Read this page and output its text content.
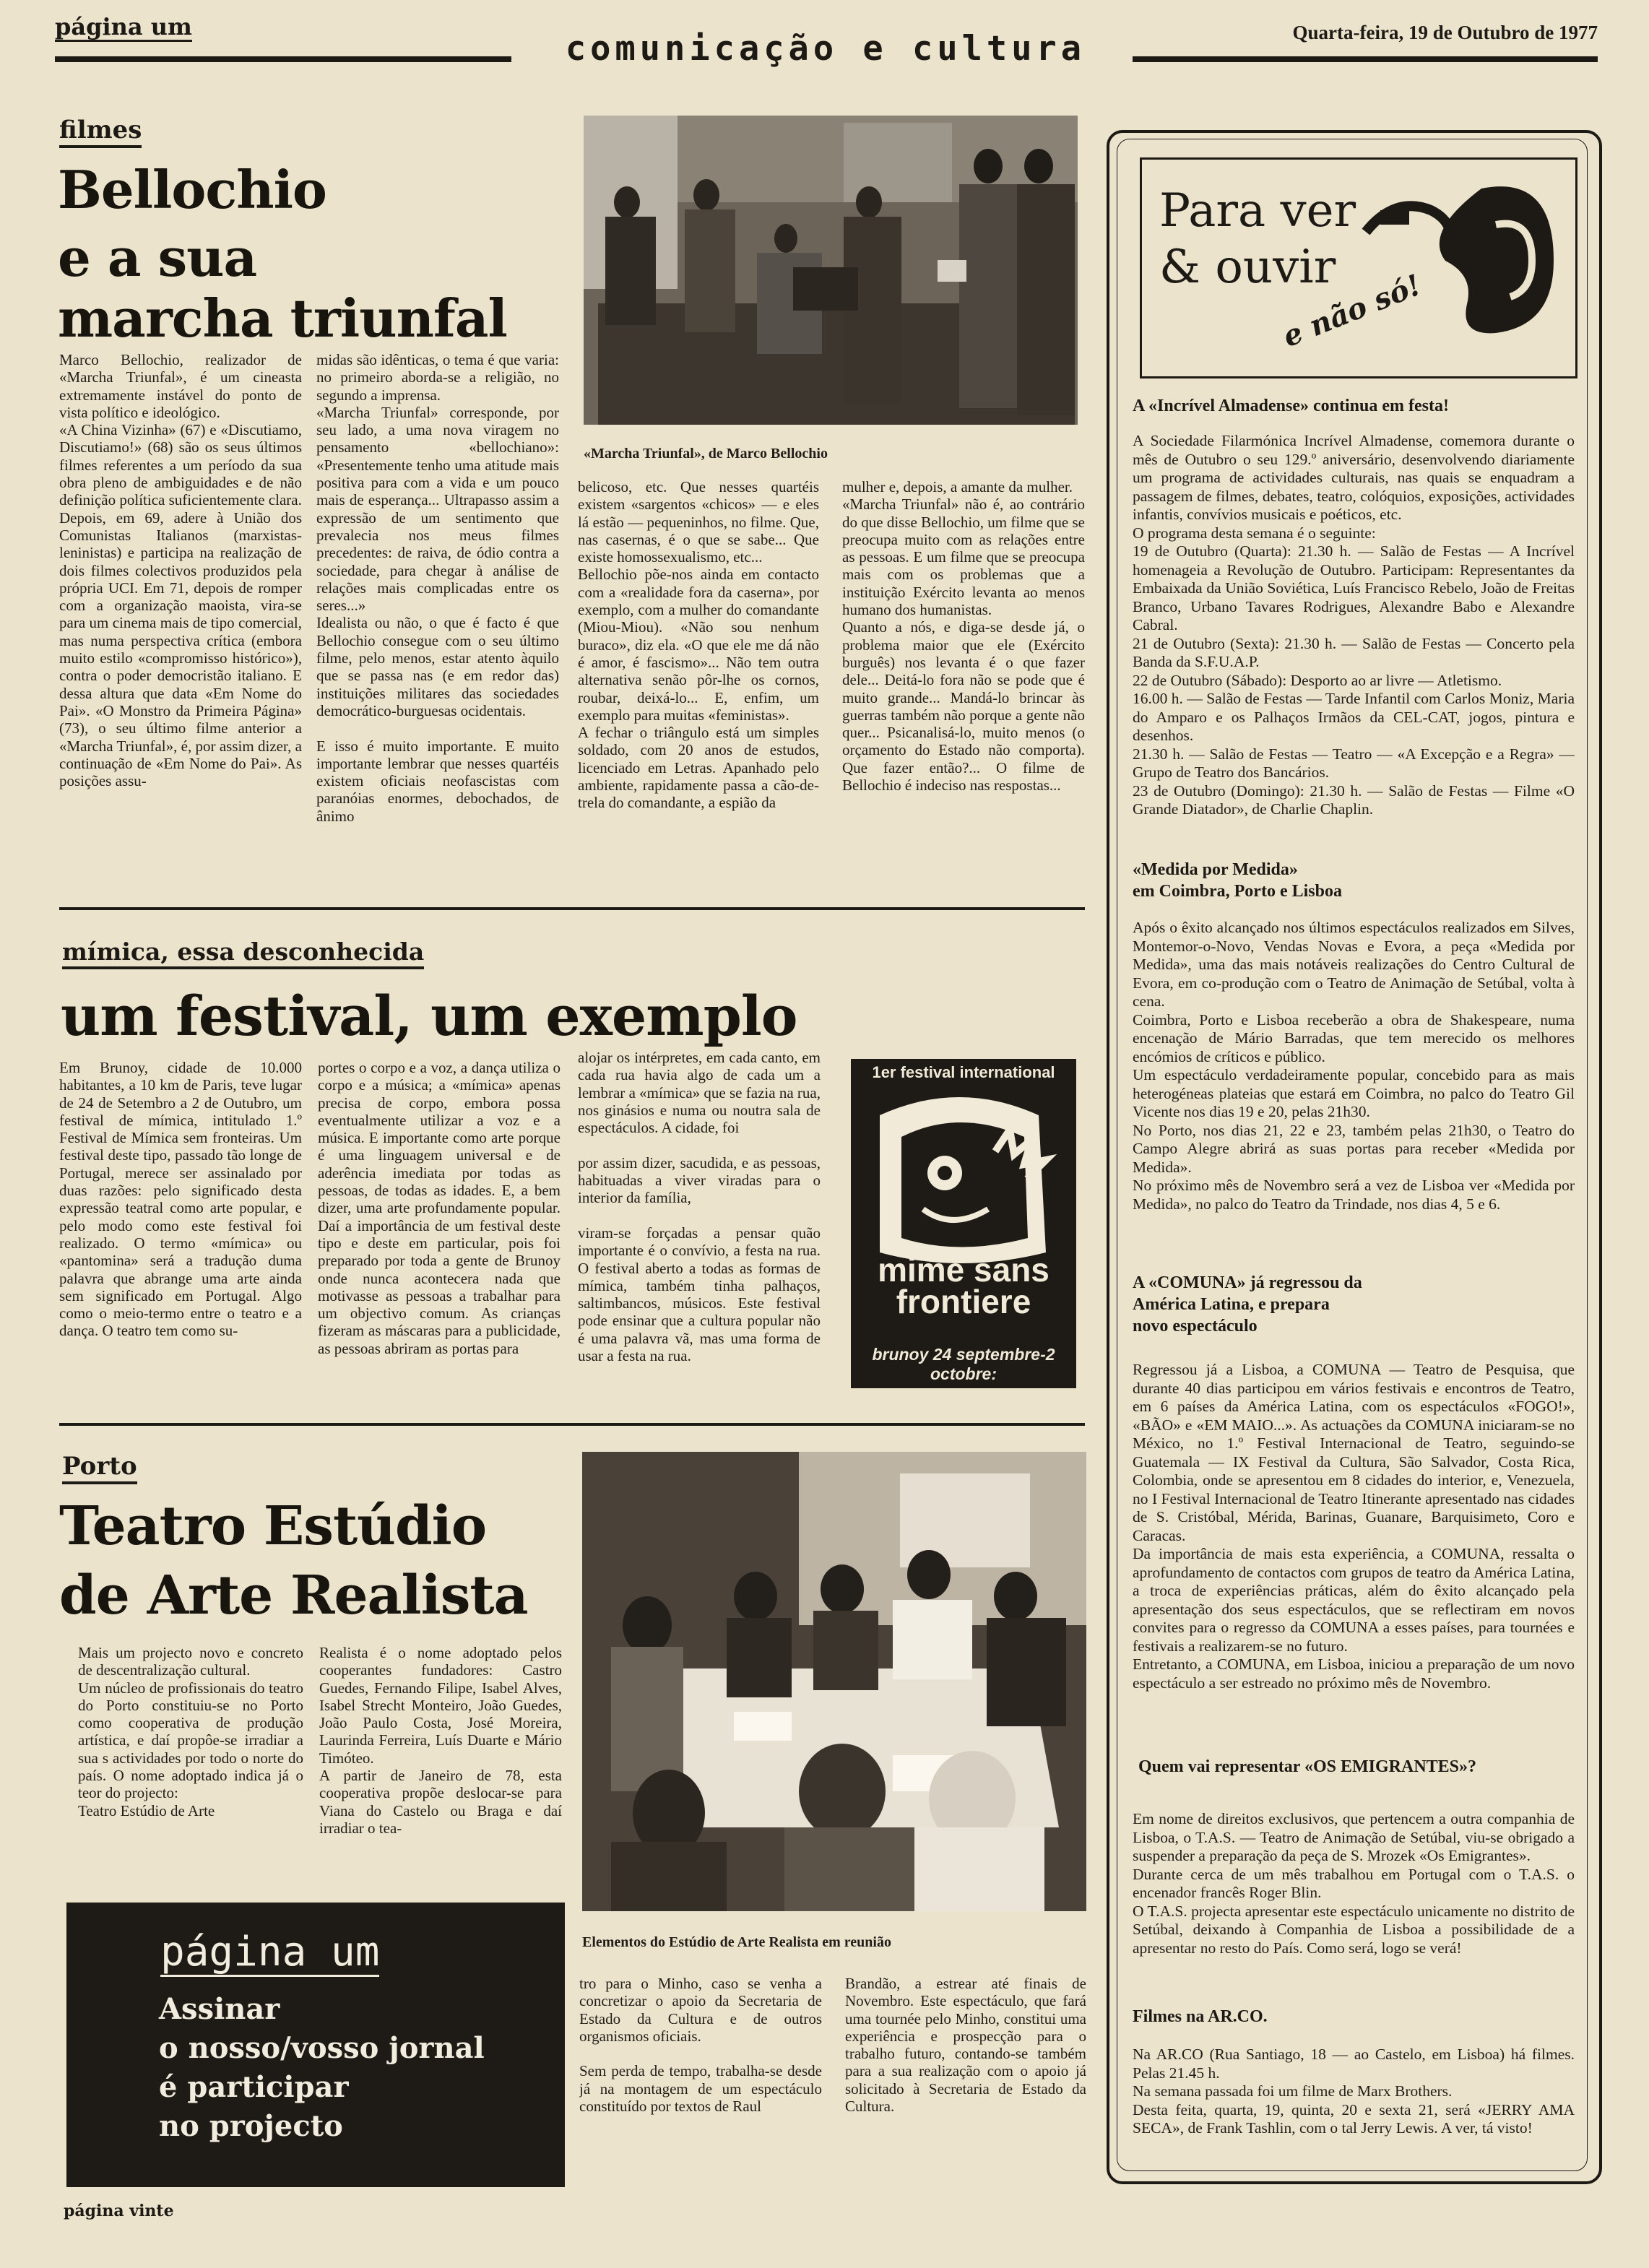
página um
comunicação e cultura	Quarta-feira, 19 de Outubro de 1977
filmes
Bellochio
e a sua
marcha triunfal
«Marcha Triunfal», de Marco Bellochio
Marco Bellochio, realizador de «Marcha Triunfal», é um cineasta extremamente instável do ponto de vista político e ideológico.
«A China Vizinha» (67) e «Discutiamo, Discutiamo!» (68) são os seus últimos filmes referentes a um período da sua obra pleno de ambiguidades e de não definição política suficientemente clara.
Depois, em 69, adere à União dos Comunistas Italianos (marxistas-leninistas) e participa na realização de dois filmes colectivos produzidos pela própria UCI. Em 71, depois de romper com a organização maoista, vira-se para um cinema mais de tipo comercial, mas numa perspectiva crítica (embora muito estilo «compromisso histórico»), contra o poder democristão italiano. E dessa altura que data «Em Nome do Pai». «O Monstro da Primeira Página» (73), o seu último filme anterior a «Marcha Triunfal», é, por assim dizer, a continuação de «Em Nome do Pai». As posições assu-
midas são idênticas, o tema é que varia: no primeiro aborda-se a religião, no segundo a imprensa.
«Marcha Triunfal» corresponde, por seu lado, a uma nova viragem no pensamento «bellochiano»: «Presentemente tenho uma atitude mais positiva para com a vida e um pouco mais de esperança... Ultrapasso assim a expressão de um sentimento que prevalecia nos meus filmes precedentes: de raiva, de ódio contra a sociedade, para chegar à análise de relações mais complicadas entre os seres...»
Idealista ou não, o que é facto é que Bellochio consegue com o seu último filme, pelo menos, estar atento àquilo que se passa nas (e em redor das) instituições militares das sociedades democrático-burguesas ocidentais.

E isso é muito importante. E muito importante lembrar que nesses quartéis existem oficiais neofascistas com paranóias enormes, debochados, de ânimo
belicoso, etc. Que nesses quartéis existem «sargentos «chicos» — e eles lá estão — pequeninhos, no filme. Que, nas casernas, é o que se sabe... Que existe homossexualismo, etc...
Bellochio põe-nos ainda em contacto com a «realidade fora da caserna», por exemplo, com a mulher do comandante (Miou-Miou). «Não sou nenhum buraco», diz ela. «O que ele me dá não é amor, é fascismo»... Não tem outra alternativa senão pôr-lhe os cornos, roubar, deixá-lo... E, enfim, um exemplo para muitas «feministas».
A fechar o triângulo está um simples soldado, com 20 anos de estudos, licenciado em Letras. Apanhado pelo ambiente, rapidamente passa a cão-de-trela do comandante, a espião da
mulher e, depois, a amante da mulher.
«Marcha Triunfal» não é, ao contrário do que disse Bellochio, um filme que se preocupa muito com as relações entre as pessoas. E um filme que se preocupa mais com os problemas que a instituição Exército levanta ao menos humano dos humanistas.
Quanto a nós, e diga-se desde já, o problema maior que ele (Exército burguês) nos levanta é o que fazer dele... Deitá-lo fora não se pode que é muito grande... Mandá-lo brincar às guerras também não porque a gente não quer... Psicanalisá-lo, muito menos (o orçamento do Estado não comporta). Que fazer então?... O filme de Bellochio é indeciso nas respostas...
mímica, essa desconhecida
um festival, um exemplo
Em Brunoy, cidade de 10.000 habitantes, a 10 km de Paris, teve lugar de 24 de Setembro a 2 de Outubro, um festival de mímica, intitulado 1.º Festival de Mímica sem fronteiras. Um festival deste tipo, passado tão longe de Portugal, merece ser assinalado por duas razões: pelo significado desta expressão teatral como arte popular, e pelo modo como este festival foi realizado. O termo «mímica» ou «pantomina» será a tradução duma palavra que abrange uma arte ainda sem significado em Portugal. Algo como o meio-termo entre o teatro e a dança. O teatro tem como su-
portes o corpo e a voz, a dança utiliza o corpo e a música; a «mímica» apenas precisa de corpo, embora possa eventualmente utilizar a voz e a música. E importante como arte porque é uma linguagem universal e de aderência imediata por todas as pessoas, de todas as idades. E, a bem dizer, uma arte profundamente popular. Daí a importância de um festival deste tipo e deste em particular, pois foi preparado por toda a gente de Brunoy onde nunca acontecera nada que motivasse as pessoas a trabalhar para um objectivo comum. As crianças fizeram as máscaras para a publicidade, as pessoas abriram as portas para
alojar os intérpretes, em cada canto, em cada rua havia algo de cada um a lembrar a «mímica» que se fazia na rua, nos ginásios e numa ou noutra sala de espectáculos. A cidade, foi

por assim dizer, sacudida, e as pessoas, habituadas a viver viradas para o interior da família,

viram-se forçadas a pensar quão importante é o convívio, a festa na rua. O festival aberto a todas as formas de mímica, também tinha palhaços, saltimbancos, músicos. Este festival pode ensinar que a cultura popular não é uma palavra vã, mas uma forma de usar a festa na rua.
1er festival international
mime sans
frontiere
brunoy 24 septembre-2 octobre:
Porto
Teatro Estúdio
de Arte Realista
Mais um projecto novo e concreto de descentralização cultural.
Um núcleo de profissionais do teatro do Porto constituiu-se no Porto como cooperativa de produção artística, e daí propôe-se irradiar a sua s actividades por todo o norte do país. O nome adoptado indica já o teor do projecto:
Teatro Estúdio de Arte
Realista é o nome adoptado pelos cooperantes fundadores: Castro Guedes, Fernando Filipe, Isabel Alves, Isabel Strecht Monteiro, João Guedes, João Paulo Costa, José Moreira, Laurinda Ferreira, Luís Duarte e Mário Timóteo.
A partir de Janeiro de 78, esta cooperativa propõe deslocar-se para Viana do Castelo ou Braga e daí irradiar o tea-
Elementos do Estúdio de Arte Realista em reunião
tro para o Minho, caso se venha a concretizar o apoio da Secretaria de Estado da Cultura e de outros organismos oficiais.

Sem perda de tempo, trabalha-se desde já na montagem de um espectáculo constituído por textos de Raul
Brandão, a estrear até finais de Novembro. Este espectáculo, que fará uma tournée pelo Minho, constitui uma experiência e prospecção para o trabalho futuro, contando-se também para a sua realização com o apoio já solicitado à Secretaria de Estado da Cultura.
página um
Assinar
o nosso/vosso jornal
é participar
no projecto
página vinte
Para ver
& ouvir
e não só!
A «Incrível Almadense» continua em festa!
A Sociedade Filarmónica Incrível Almadense, comemora durante o mês de Outubro o seu 129.º aniversário, desenvolvendo diariamente um programa de actividades culturais, nas quais se enquadram a passagem de filmes, debates, teatro, colóquios, exposições, actividades infantis, convívios musicais e poéticos, etc.
O programa desta semana é o seguinte:
19 de Outubro (Quarta): 21.30 h. — Salão de Festas — A Incrível homenageia a Revolução de Outubro. Participam: Representantes da Embaixada da União Soviética, Luís Francisco Rebelo, João de Freitas Branco, Urbano Tavares Rodrigues, Alexandre Babo e Alexandre Cabral.
21 de Outubro (Sexta): 21.30 h. — Salão de Festas — Concerto pela Banda da S.F.U.A.P.
22 de Outubro (Sábado): Desporto ao ar livre — Atletismo.
16.00 h. — Salão de Festas — Tarde Infantil com Carlos Moniz, Maria do Amparo e os Palhaços Irmãos da CEL-CAT, jogos, pintura e desenhos.
21.30 h. — Salão de Festas — Teatro — «A Excepção e a Regra» — Grupo de Teatro dos Bancários.
23 de Outubro (Domingo): 21.30 h. — Salão de Festas — Filme «O Grande Diatador», de Charlie Chaplin.
«Medida por Medida»
em Coimbra, Porto e Lisboa
Após o êxito alcançado nos últimos espectáculos realizados em Silves, Montemor-o-Novo, Vendas Novas e Evora, a peça «Medida por Medida», uma das mais notáveis realizações do Centro Cultural de Evora, em co-produção com o Teatro de Animação de Setúbal, volta à cena.
Coimbra, Porto e Lisboa receberão a obra de Shakespeare, numa encenação de Mário Barradas, que tem merecido os melhores encómios de críticos e público.
Um espectáculo verdadeiramente popular, concebido para as mais heterogéneas plateias que estará em Coimbra, no palco do Teatro Gil Vicente nos dias 19 e 20, pelas 21h30.
No Porto, nos dias 21, 22 e 23, também pelas 21h30, o Teatro do Campo Alegre abrirá as suas portas para receber «Medida por Medida».
No próximo mês de Novembro será a vez de Lisboa ver «Medida por Medida», no palco do Teatro da Trindade, nos dias 4, 5 e 6.
A «COMUNA» já regressou da
América Latina, e prepara
novo espectáculo
Regressou já a Lisboa, a COMUNA — Teatro de Pesquisa, que durante 40 dias participou em vários festivais e encontros de Teatro, em 6 países da América Latina, com os espectáculos «FOGO!», «BÃO» e «EM MAIO...». As actuações da COMUNA iniciaram-se no México, no 1.º Festival Internacional de Teatro, seguindo-se Guatemala — IX Festival da Cultura, São Salvador, Costa Rica, Colombia, onde se apresentou em 8 cidades do interior, e, Venezuela, no I Festival Internacional de Teatro Itinerante apresentado nas cidades de S. Cristóbal, Mérida, Barinas, Guanare, Barquisimeto, Coro e Caracas.
Da importância de mais esta experiência, a COMUNA, ressalta o aprofundamento de contactos com grupos de teatro da América Latina, a troca de experiências práticas, além do êxito alcançado pela apresentação dos seus espectáculos, que se reflectiram em novos convites para o regresso da COMUNA a esses países, para tournées e festivais a realizarem-se no futuro.
Entretanto, a COMUNA, em Lisboa, iniciou a preparação de um novo espectáculo a ser estreado no próximo mês de Novembro.
Quem vai representar «OS EMIGRANTES»?
Em nome de direitos exclusivos, que pertencem a outra companhia de Lisboa, o T.A.S. — Teatro de Animação de Setúbal, viu-se obrigado a suspender a preparação da peça de S. Mrozek «Os Emigrantes».
Durante cerca de um mês trabalhou em Portugal com o T.A.S. o encenador francês Roger Blin.
O T.A.S. projecta apresentar este espectáculo unicamente no distrito de Setúbal, deixando à Companhia de Lisboa a possibilidade de a apresentar no resto do País. Como será, logo se verá!
Filmes na AR.CO.
Na AR.CO (Rua Santiago, 18 — ao Castelo, em Lisboa) há filmes. Pelas 21.45 h.
Na semana passada foi um filme de Marx Brothers.
Desta feita, quarta, 19, quinta, 20 e sexta 21, será «JERRY AMA SECA», de Frank Tashlin, com o tal Jerry Lewis. A ver, tá visto!
